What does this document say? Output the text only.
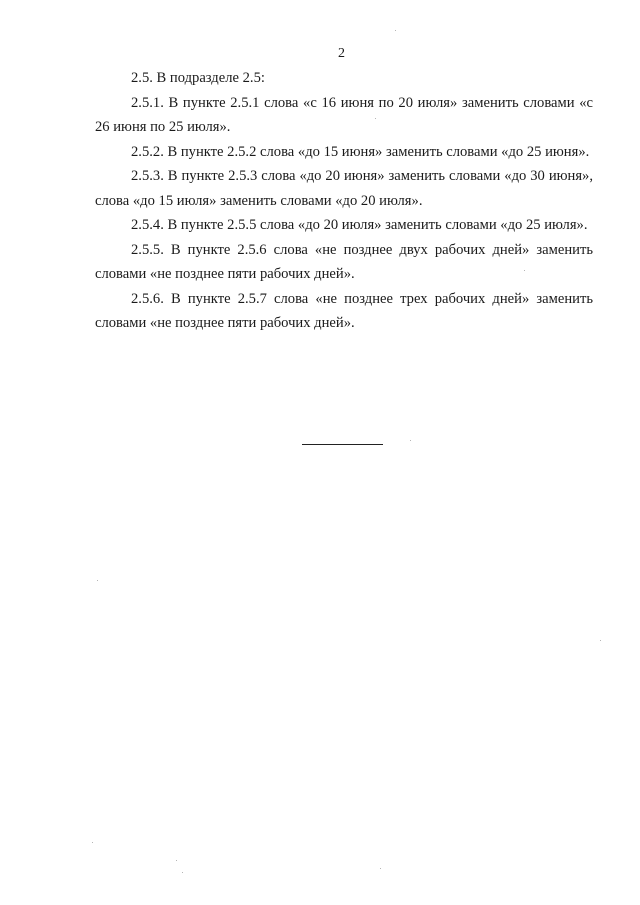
2

2.5. В подразделе 2.5:

2.5.1. В пункте 2.5.1 слова «с 16 июня по 20 июля» заменить словами «с 26 июня по 25 июля».

2.5.2. В пункте 2.5.2 слова «до 15 июня» заменить словами «до 25 июня».

2.5.3. В пункте 2.5.3 слова «до 20 июня» заменить словами «до 30 июня», слова «до 15 июля» заменить словами «до 20 июля».

2.5.4. В пункте 2.5.5 слова «до 20 июля» заменить словами «до 25 июля».

2.5.5. В пункте 2.5.6 слова «не позднее двух рабочих дней» заменить словами «не позднее пяти рабочих дней».

2.5.6. В пункте 2.5.7 слова «не позднее трех рабочих дней» заменить словами «не позднее пяти рабочих дней».
